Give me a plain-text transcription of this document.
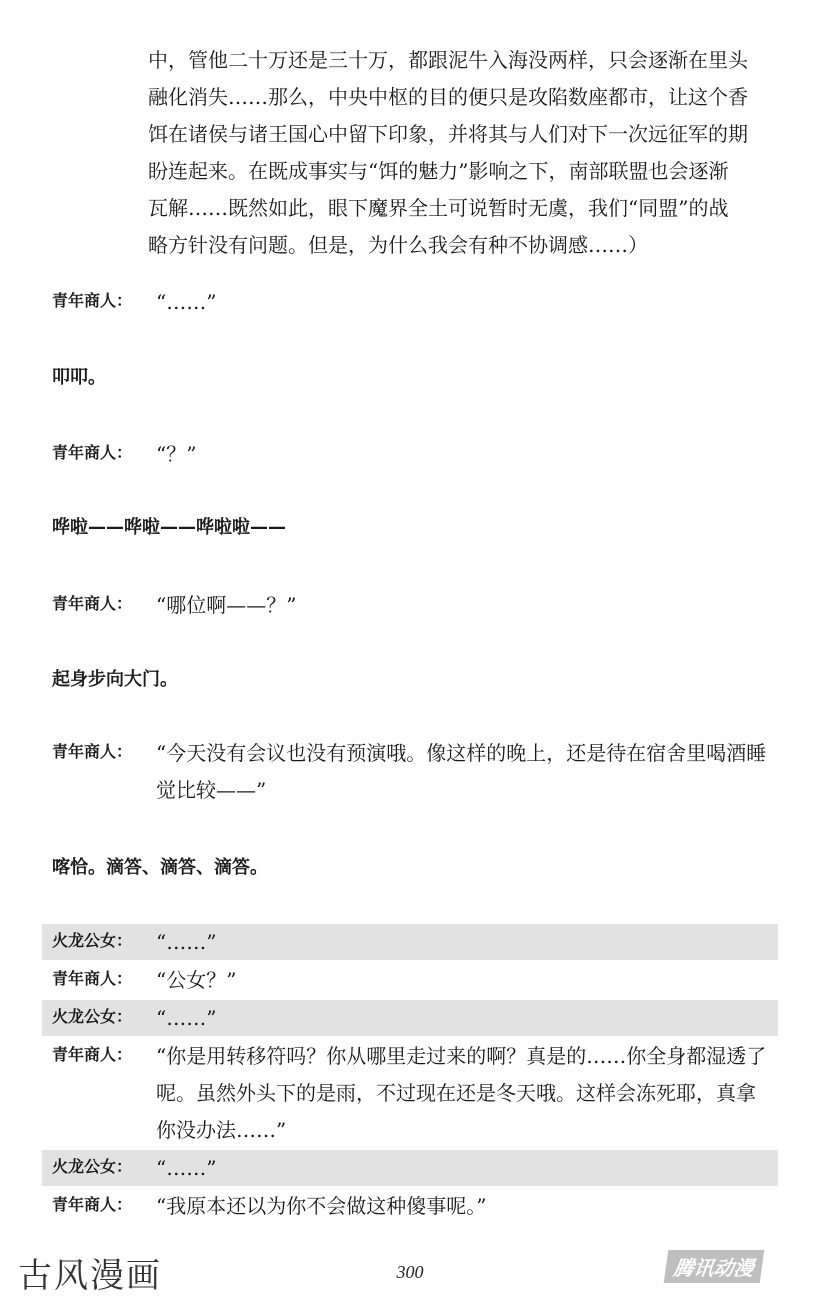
中，管他二十万还是三十万，都跟泥牛入海没两样，只会逐渐在里头
融化消失……那么，中央中枢的目的便只是攻陷数座都市，让这个香
饵在诸侯与诸王国心中留下印象，并将其与人们对下一次远征军的期
盼连起来。在既成事实与“饵的魅力”影响之下，南部联盟也会逐渐
瓦解……既然如此，眼下魔界全土可说暂时无虞，我们“同盟”的战
略方针没有问题。但是，为什么我会有种不协调感……）
青年商人：	“……”
叩叩。
青年商人：	“？”
哗啦——哗啦——哗啦啦——
青年商人：	“哪位啊——？”
起身步向大门。
青年商人：	“今天没有会议也没有预演哦。像这样的晚上，还是待在宿舍里喝酒睡
觉比较——”
喀恰。滴答、滴答、滴答。
火龙公女：	“……”
青年商人：	“公女？”
火龙公女：	“……”
青年商人：	“你是用转移符吗？你从哪里走过来的啊？真是的……你全身都湿透了
呢。虽然外头下的是雨，不过现在还是冬天哦。这样会冻死耶，真拿
你没办法……”
火龙公女：	“……”
青年商人：	“我原本还以为你不会做这种傻事呢。”
古风漫画	300	腾讯动漫
